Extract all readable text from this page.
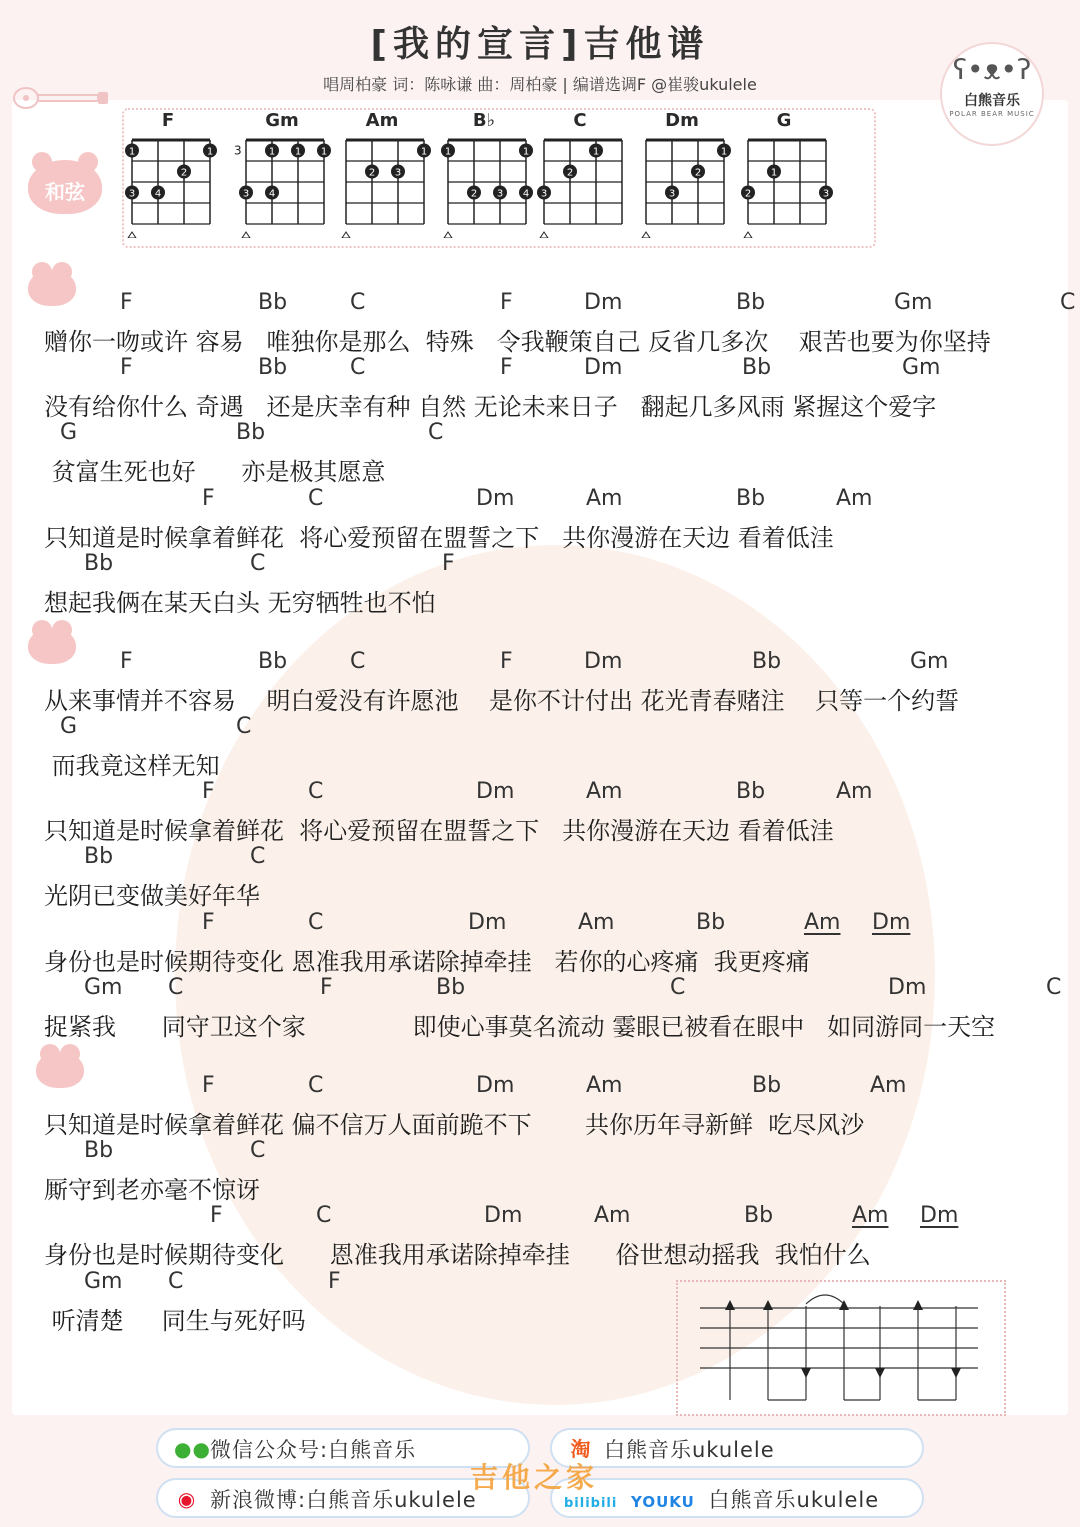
[我的宣言]吉他谱
唱周柏豪 词：陈咏谦 曲：周柏豪 | 编谱选调F @崔骏ukulele	ʕ•ᴥ•ʔ
白熊音乐
POLAR BEAR MUSIC
和弦
F
1	1
2
3 4
Gm
1 1 1
3 4
3
Am
1
2 3
B♭
1	1
2 3 4
C
1
2
3
Dm
1
2
3
G
1
2	3
F	Bb	C	F	Dm	Bb	Gm	C
赠你一吻或许 容易   唯独你是那么  特殊   令我鞭策自己 反省几多次    艰苦也要为你坚持
F	Bb	C	F	Dm	Bb	Gm
没有给你什么 奇遇   还是庆幸有种 自然 无论未来日子   翻起几多风雨 紧握这个爱字
G	Bb	C
贫富生死也好      亦是极其愿意
F	C	Dm	Am	Bb	Am
只知道是时候拿着鲜花  将心爱预留在盟誓之下   共你漫游在天边 看着低洼
Bb	C	F
想起我俩在某天白头 无穷牺牲也不怕
F	Bb	C	F	Dm	Bb	Gm
从来事情并不容易    明白爱没有许愿池    是你不计付出 花光青春赌注    只等一个约誓
G	C
而我竟这样无知
F	C	Dm	Am	Bb	Am
只知道是时候拿着鲜花  将心爱预留在盟誓之下   共你漫游在天边 看着低洼
Bb	C
光阴已变做美好年华
F	C	Dm	Am	Bb	Am Dm
身份也是时候期待变化 恩准我用承诺除掉牵挂   若你的心疼痛  我更疼痛
Gm C	F	Bb	C	Dm	C
捉紧我      同守卫这个家              即使心事莫名流动 霎眼已被看在眼中   如同游同一天空
F	C	Dm	Am	Bb	Am
只知道是时候拿着鲜花 偏不信万人面前跪不下       共你历年寻新鲜  吃尽风沙
Bb	C
厮守到老亦毫不惊讶
F	C	Dm	Am	Bb	Am Dm
身份也是时候期待变化      恩准我用承诺除掉牵挂      俗世想动摇我  我怕什么
Gm C	F
听清楚     同生与死好吗
●● 微信公众号:白熊音乐	淘 白熊音乐ukulele
◉ 新浪微博:白熊音乐ukulele	bilibili YOUKU 白熊音乐ukulele
吉他之家
